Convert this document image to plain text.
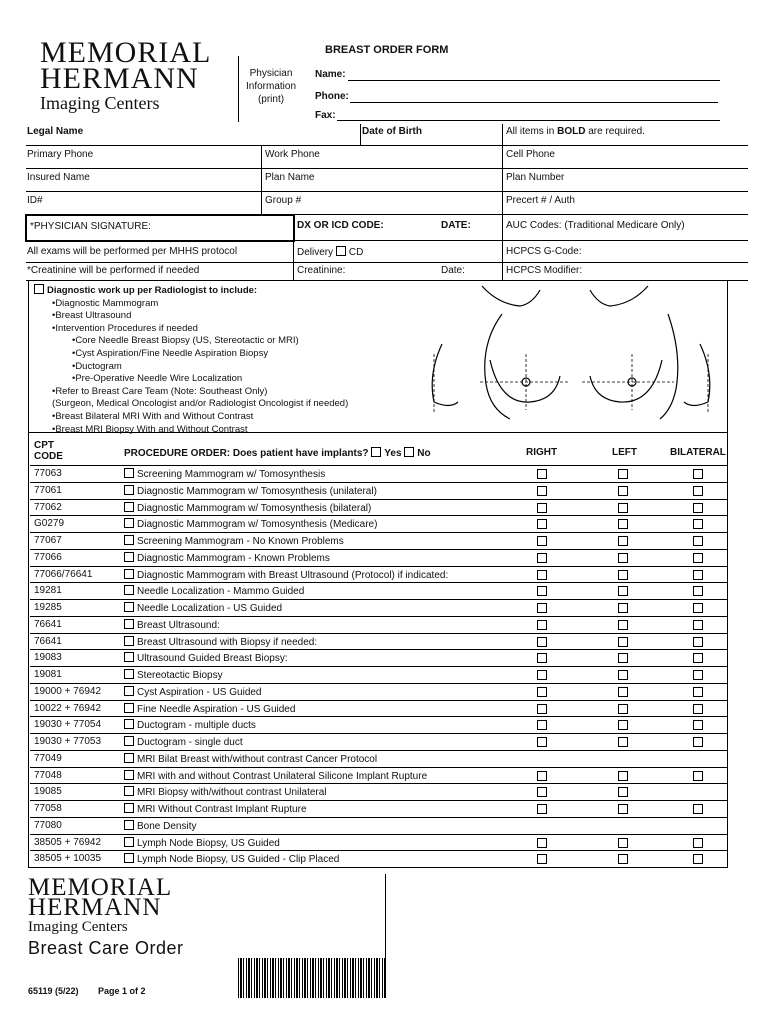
MEMORIAL
HERMANN
Imaging Centers
BREAST ORDER FORM
Physician
Information
(print)
Name:
Phone:
Fax:
Legal Name	Date of Birth	All items in BOLD are required.
Primary Phone	Work Phone	Cell Phone
Insured Name	Plan Name	Plan Number
ID#	Group #	Precert # / Auth
*PHYSICIAN SIGNATURE:	DX OR ICD CODE:	DATE:	AUC Codes: (Traditional Medicare Only)
All exams will be performed per MHHS protocol	Delivery CD	HCPCS G-Code:
*Creatinine will be performed if needed	Creatinine:	Date:	HCPCS Modifier:
Diagnostic work up per Radiologist to include:
•Diagnostic Mammogram
•Breast Ultrasound
•Intervention Procedures if needed
•Core Needle Breast Biopsy (US, Stereotactic or MRI)
•Cyst Aspiration/Fine Needle Aspiration Biopsy
•Ductogram
•Pre-Operative Needle Wire Localization
•Refer to Breast Care Team (Note: Southeast Only)
(Surgeon, Medical Oncologist and/or Radiologist Oncologist if needed)
•Breast Bilateral MRI With and Without Contrast
•Breast MRI Biopsy With and Without Contrast
CPT
CODE	PROCEDURE ORDER: Does patient have implants? Yes No	RIGHT	LEFT	BILATERAL
77063	Screening Mammogram w/ Tomosynthesis
77061	Diagnostic Mammogram w/ Tomosynthesis (unilateral)
77062	Diagnostic Mammogram w/ Tomosynthesis (bilateral)
G0279	Diagnostic Mammogram w/ Tomosynthesis (Medicare)
77067	Screening Mammogram - No Known Problems
77066	Diagnostic Mammogram - Known Problems
77066/76641	Diagnostic Mammogram with Breast Ultrasound (Protocol) if indicated:
19281	Needle Localization - Mammo Guided
19285	Needle Localization - US Guided
76641	Breast Ultrasound:
76641	Breast Ultrasound with Biopsy if needed:
19083	Ultrasound Guided Breast Biopsy:
19081	Stereotactic Biopsy
19000 + 76942	Cyst Aspiration - US Guided
10022 + 76942	Fine Needle Aspiration - US Guided
19030 + 77054	Ductogram - multiple ducts
19030 + 77053	Ductogram - single duct
77049	MRI Bilat Breast with/without contrast Cancer Protocol
77048	MRI with and without Contrast Unilateral Silicone Implant Rupture
19085	MRI Biopsy with/without contrast Unilateral
77058	MRI Without Contrast Implant Rupture
77080	Bone Density
38505 + 76942	Lymph Node Biopsy, US Guided
38505 + 10035	Lymph Node Biopsy, US Guided - Clip Placed
MEMORIAL
HERMANN
Imaging Centers
Breast Care Order
65119 (5/22) Page 1 of 2
